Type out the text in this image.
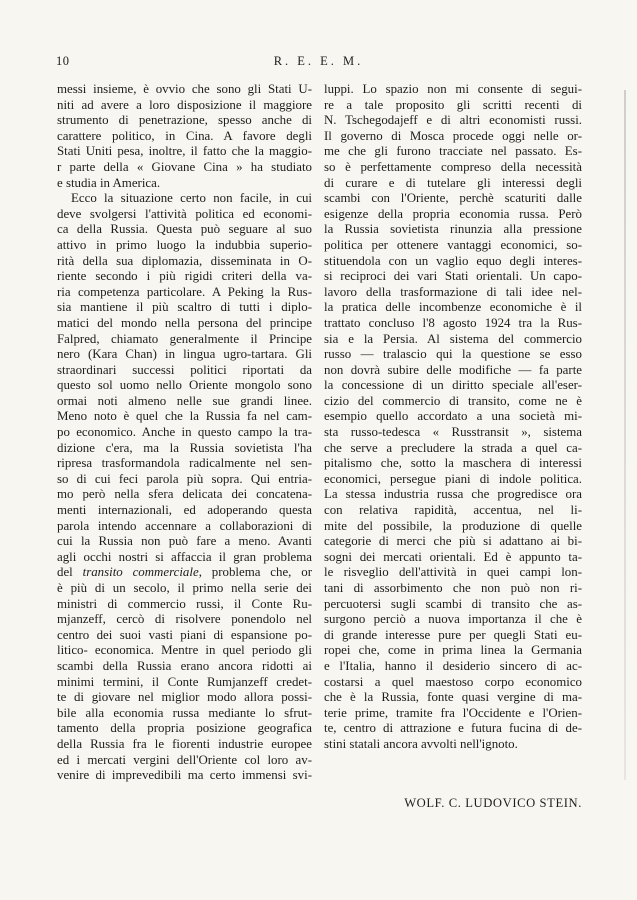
10	R. E. E. M.
messi insieme, è ovvio che sono gli Stati U-
niti ad avere a loro disposizione il maggiore
strumento di penetrazione, spesso anche di
carattere politico, in Cina. A favore degli
Stati Uniti pesa, inoltre, il fatto che la maggio-
r parte della « Giovane Cina » ha studiato
e studia in America.
Ecco la situazione certo non facile, in cui
deve svolgersi l'attività politica ed economi-
ca della Russia. Questa può seguare al suo
attivo in primo luogo la indubbia superio-
rità della sua diplomazia, disseminata in O-
riente secondo i più rigidi criteri della va-
ria competenza particolare. A Peking la Rus-
sia mantiene il più scaltro di tutti i diplo-
matici del mondo nella persona del principe
Falpred, chiamato generalmente il Principe
nero (Kara Chan) in lingua ugro-tartara. Gli
straordinari successi politici riportati da
questo sol uomo nello Oriente mongolo sono
ormai noti almeno nelle sue grandi linee.
Meno noto è quel che la Russia fa nel cam-
po economico. Anche in questo campo la tra-
dizione c'era, ma la Russia sovietista l'ha
ripresa trasformandola radicalmente nel sen-
so di cui feci parola più sopra. Qui entria-
mo però nella sfera delicata dei concatena-
menti internazionali, ed adoperando questa
parola intendo accennare a collaborazioni di
cui la Russia non può fare a meno. Avanti
agli occhi nostri si affaccia il gran problema
del transito commerciale, problema che, or
è più di un secolo, il primo nella serie dei
ministri di commercio russi, il Conte Ru-
mjanzeff, cercò di risolvere ponendolo nel
centro dei suoi vasti piani di espansione po-
litico- economica. Mentre in quel periodo gli
scambi della Russia erano ancora ridotti ai
minimi termini, il Conte Rumjanzeff credet-
te di giovare nel miglior modo allora possi-
bile alla economia russa mediante lo sfrut-
tamento della propria posizione geografica
della Russia fra le fiorenti industrie europee
ed i mercati vergini dell'Oriente col loro av-
venire di imprevedibili ma certo immensi svi-
luppi. Lo spazio non mi consente di segui-
re a tale proposito gli scritti recenti di
N. Tschegodajeff e di altri economisti russi.
Il governo di Mosca procede oggi nelle or-
me che gli furono tracciate nel passato. Es-
so è perfettamente compreso della necessità
di curare e di tutelare gli interessi degli
scambi con l'Oriente, perchè scaturiti dalle
esigenze della propria economia russa. Però
la Russia sovietista rinunzia alla pressione
politica per ottenere vantaggi economici, so-
stituendola con un vaglio equo degli interes-
si reciproci dei vari Stati orientali. Un capo-
lavoro della trasformazione di tali idee nel-
la pratica delle incombenze economiche è il
trattato concluso l'8 agosto 1924 tra la Rus-
sia e la Persia. Al sistema del commercio
russo — tralascio qui la questione se esso
non dovrà subire delle modifiche — fa parte
la concessione di un diritto speciale all'eser-
cizio del commercio di transito, come ne è
esempio quello accordato a una società mi-
sta russo-tedesca « Russtransit », sistema
che serve a precludere la strada a quel ca-
pitalismo che, sotto la maschera di interessi
economici, persegue piani di indole politica.
La stessa industria russa che progredisce ora
con relativa rapidità, accentua, nel li-
mite del possibile, la produzione di quelle
categorie di merci che più si adattano ai bi-
sogni dei mercati orientali. Ed è appunto ta-
le risveglio dell'attività in quei campi lon-
tani di assorbimento che non può non ri-
percuotersi sugli scambi di transito che as-
surgono perciò a nuova importanza il che è
di grande interesse pure per quegli Stati eu-
ropei che, come in prima linea la Germania
e l'Italia, hanno il desiderio sincero di ac-
costarsi a quel maestoso corpo economico
che è la Russia, fonte quasi vergine di ma-
terie prime, tramite fra l'Occidente e l'Orien-
te, centro di attrazione e futura fucina di de-
stini statali ancora avvolti nell'ignoto.
WOLF. C. LUDOVICO STEIN.
